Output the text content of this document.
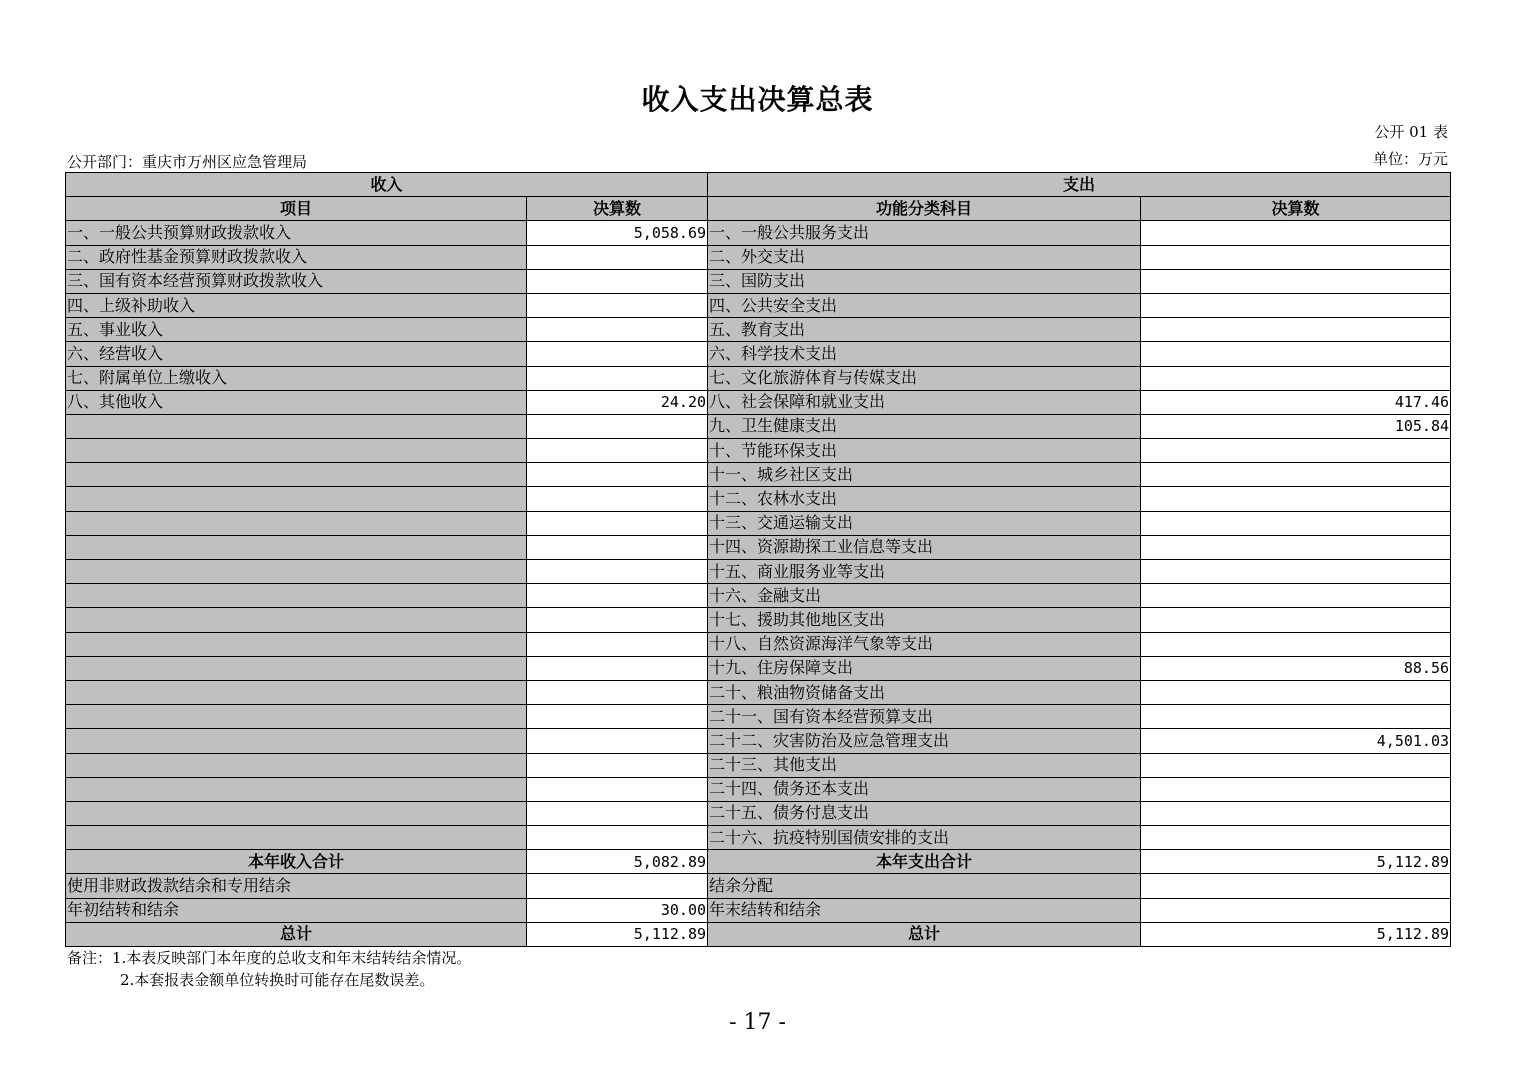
收入支出决算总表
公开 01 表
公开部门：重庆市万州区应急管理局	单位：万元
收入		支出	
项目	决算数	功能分类科目	决算数
一、一般公共预算财政拨款收入	5,058.69	一、一般公共服务支出	
二、政府性基金预算财政拨款收入		二、外交支出	
三、国有资本经营预算财政拨款收入		三、国防支出	
四、上级补助收入		四、公共安全支出	
五、事业收入		五、教育支出	
六、经营收入		六、科学技术支出	
七、附属单位上缴收入		七、文化旅游体育与传媒支出	
八、其他收入	24.20	八、社会保障和就业支出	417.46
		九、卫生健康支出	105.84
		十、节能环保支出	
		十一、城乡社区支出	
		十二、农林水支出	
		十三、交通运输支出	
		十四、资源勘探工业信息等支出	
		十五、商业服务业等支出	
		十六、金融支出	
		十七、援助其他地区支出	
		十八、自然资源海洋气象等支出	
		十九、住房保障支出	88.56
		二十、粮油物资储备支出	
		二十一、国有资本经营预算支出	
		二十二、灾害防治及应急管理支出	4,501.03
		二十三、其他支出	
		二十四、债务还本支出	
		二十五、债务付息支出	
		二十六、抗疫特别国债安排的支出	
本年收入合计	5,082.89	本年支出合计	5,112.89
使用非财政拨款结余和专用结余		结余分配	
年初结转和结余	30.00	年末结转和结余	
总计	5,112.89	总计	5,112.89
备注：1.本表反映部门本年度的总收支和年末结转结余情况。
2.本套报表金额单位转换时可能存在尾数误差。
- 17 -
